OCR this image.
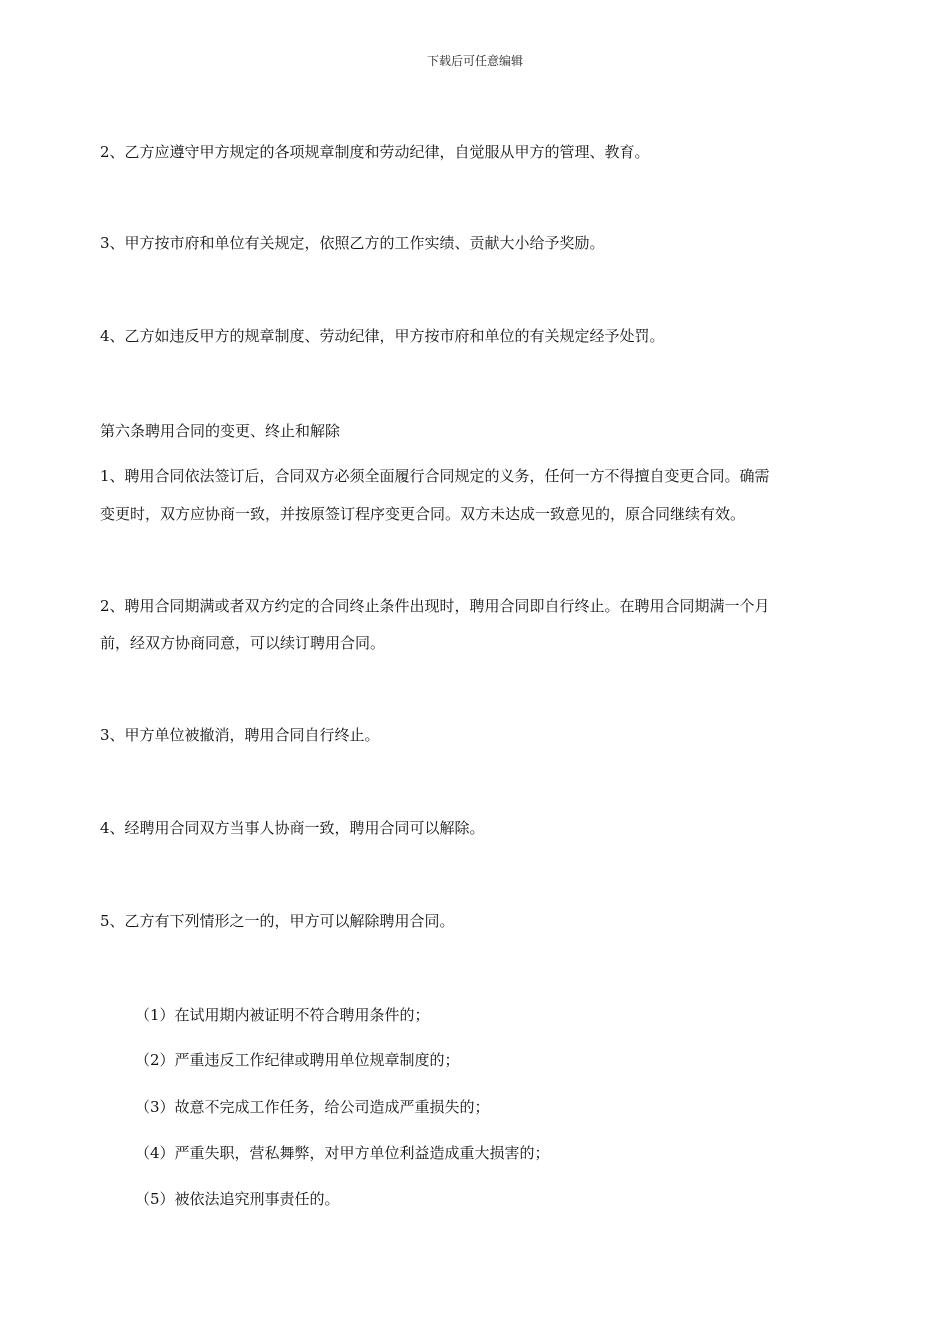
下载后可任意编辑
2、乙方应遵守甲方规定的各项规章制度和劳动纪律，自觉服从甲方的管理、教育。
3、甲方按市府和单位有关规定，依照乙方的工作实绩、贡献大小给予奖励。
4、乙方如违反甲方的规章制度、劳动纪律，甲方按市府和单位的有关规定经予处罚。
第六条聘用合同的变更、终止和解除
1、聘用合同依法签订后，合同双方必须全面履行合同规定的义务，任何一方不得擅自变更合同。确需
变更时，双方应协商一致，并按原签订程序变更合同。双方未达成一致意见的，原合同继续有效。
2、聘用合同期满或者双方约定的合同终止条件出现时，聘用合同即自行终止。在聘用合同期满一个月
前，经双方协商同意，可以续订聘用合同。
3、甲方单位被撤消，聘用合同自行终止。
4、经聘用合同双方当事人协商一致，聘用合同可以解除。
5、乙方有下列情形之一的，甲方可以解除聘用合同。
（1）在试用期内被证明不符合聘用条件的；
（2）严重违反工作纪律或聘用单位规章制度的；
（3）故意不完成工作任务，给公司造成严重损失的；
（4）严重失职，营私舞弊，对甲方单位利益造成重大损害的；
（5）被依法追究刑事责任的。
